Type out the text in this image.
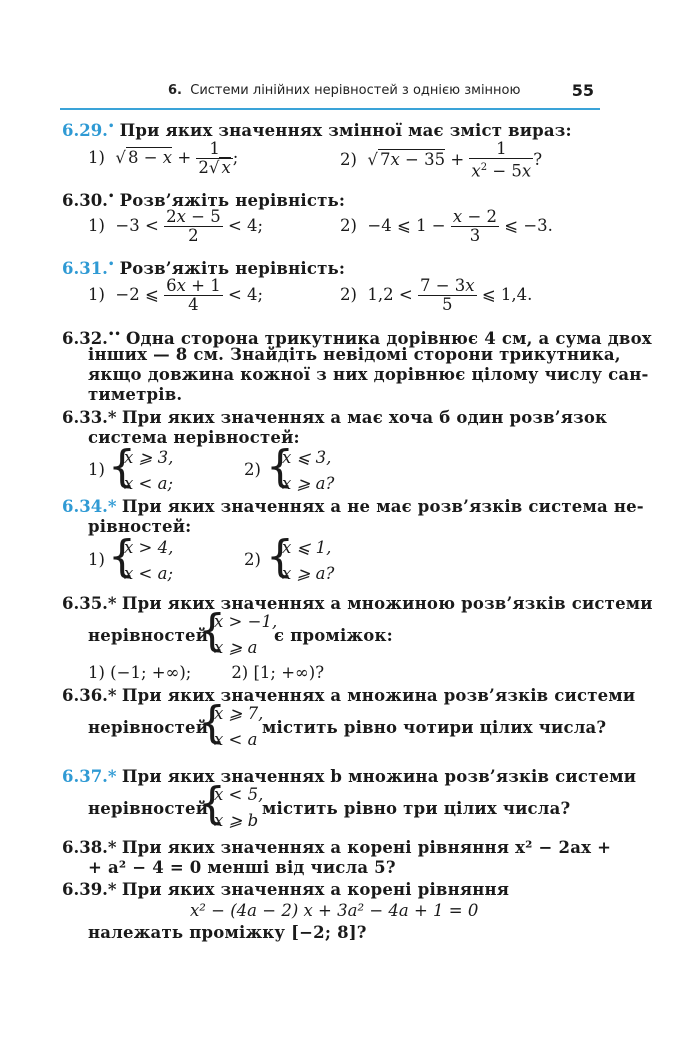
6. Системи лінійних нерівностей з однією змінною	55
6.29.• При яких значеннях змінної має зміст вираз:
1)  √ $8 - x + \frac{1}{2√ x}$ ;	2)  √ $7x - 35 + \frac{1}{x^2 - 5x}$ ?
6.30.• Розв’яжіть нерівність:
$1) -3 < \frac{2x - 5}{2} < 4$;	2)  −4 ⩽ $1 - \frac{x - 2}{3}$ ⩽ −3.
6.31.• Розв’яжіть нерівність:
1)  −2 ⩽ $\frac{6x + 1}{4} < 4$;	2)  $1,2 < \frac{7 - 3x}{5}$ ⩽ 1,4.
6.32.•• Одна сторона трикутника дорівнює 4 см, а сума двох
інших — 8 см. Знайдіть невідомі сторони трикутника,
якщо довжина кожної з них дорівнює цілому числу сан-
тиметрів.
6.33.* При яких значеннях a має хоча б один розв’язок
система нерівностей:
1) {
x ⩾ 3,
x < a;
2) {
x ⩽ 3,
x ⩾ a?
6.34.* При яких значеннях a не має розв’язків система не-
рівностей:
1) {
x > 4,
x < a;
2) {
x ⩽ 1,
x ⩾ a?
6.35.* При яких значеннях a множиною розв’язків системи
нерівностей
{
x > −1,
x ⩾ a
є проміжок:
1) (−1; +∞); 2) [1; +∞)?
6.36.* При яких значеннях a множина розв’язків системи
нерівностей
{
x ⩾ 7,
x < a
містить рівно чотири цілих числа?
6.37.* При яких значеннях b множина розв’язків системи
нерівностей
{
x < 5,
x ⩾ b
містить рівно три цілих числа?
6.38.* При яких значеннях a корені рівняння x² − 2ax +
+ a² − 4 = 0 менші від числа 5?
6.39.* При яких значеннях a корені рівняння
x² − (4a − 2) x + 3a² − 4a + 1 = 0
належать проміжку [−2; 8]?
